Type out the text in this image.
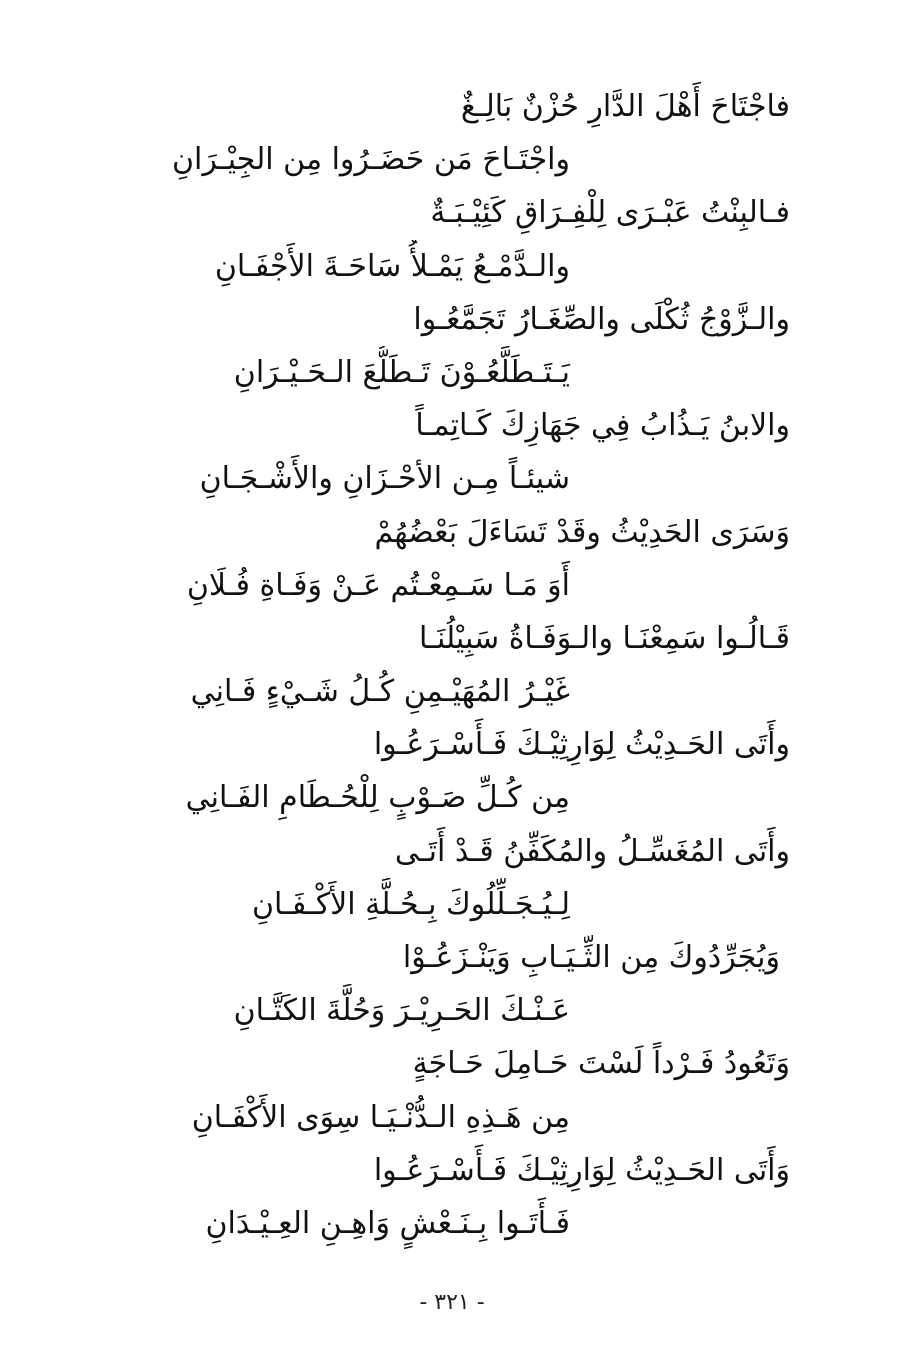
فاجْتَاحَ أَهْلَ الدَّارِ حُزْنٌ بَالِـغٌ
واجْتَـاحَ مَن حَضَـرُوا مِن الجِيْـرَانِ
فـالبِنْتُ عَبْـرَى لِلْفِـرَاقِ كَئِيْـبَـةٌ
والـدَّمْـعُ يَمْـلأُ سَاحَـةَ الأَجْفَـانِ
والـزَّوْجُ ثُكْلَى والصِّغَـارُ تَجَمَّعُـوا
يَـتَـطَلَّعُـوْنَ تَـطَلُّعَ الـحَـيْـرَانِ
والابنُ يَـذُابُ فِي جَهَازِكَ كَـاتِمـاً
شيئـاً مِـن الأحْـزَانِ والأَشْـجَـانِ
وَسَرَى الحَدِيْثُ وقَدْ تَسَاءَلَ بَعْضُهُمْ
أَوَ مَـا سَـمِعْـتُم عَـنْ وَفَـاةِ فُـلَانِ
قَـالُـوا سَمِعْنَـا والـوَفَـاةُ سَبِيْلُنَـا
غَيْـرُ المُهَيْـمِنِ كُـلُ شَـيْءٍ فَـانِي
وأَتَى الحَـدِيْثُ لِوَارِثِيْـكَ فَـأَسْـرَعُـوا
مِن كُـلِّ صَـوْبٍ لِلْحُـطَامِ الفَـانِي
وأَتَى المُغَسِّـلُ والمُكَفِّنُ قَـدْ أَتَـى
لِـيُـجَـلِّلُوكَ بِـحُـلَّةِ الأَكْـفَـانِ
وَيُجَرِّدُوكَ مِن الثِّـيَـابِ وَيَنْـزَعُـوْا
عَـنْـكَ الحَـرِيْـرَ وَحُلَّةَ الكَتَّـانِ
وَتَعُودُ فَـرْداً لَسْتَ حَـامِلَ حَـاجَةٍ
مِن هَـذِهِ الـدُّنْـيَـا سِوَى الأَكْفَـانِ
وَأَتَى الحَـدِيْثُ لِوَارِثِيْـكَ فَـأَسْـرَعُـوا
فَـأَتَـوا بِـنَـعْشٍ وَاهِـنِ العِـيْـدَانِ
- ٣٢١ -
